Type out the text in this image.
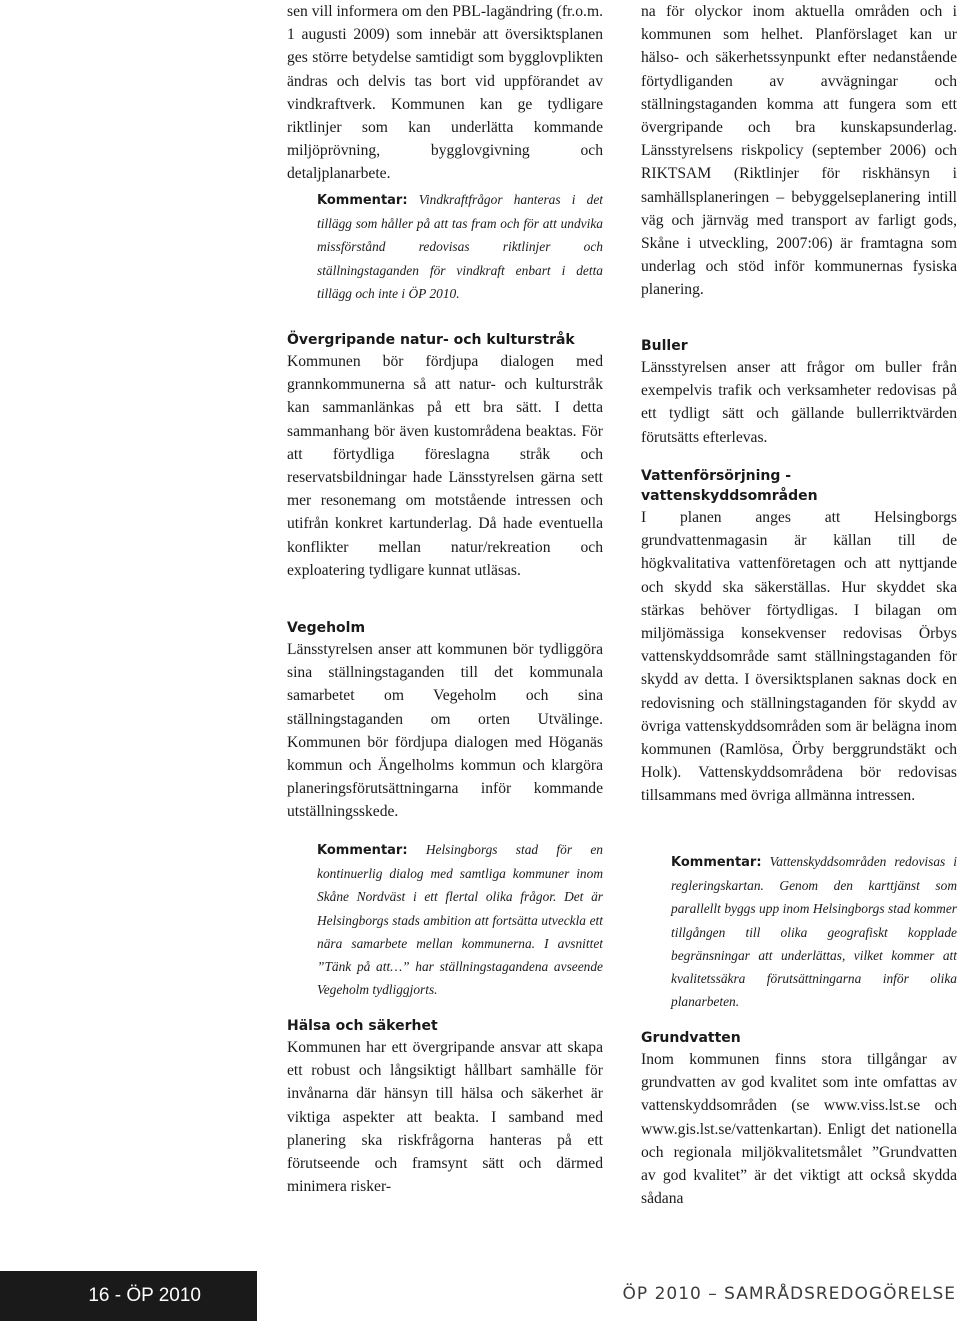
sen vill informera om den PBL-lagändring (fr.o.m. 1 augusti 2009) som innebär att översiktsplanen ges större betydelse samtidigt som bygglovplikten ändras och delvis tas bort vid uppförandet av vindkraftverk. Kommunen kan ge tydligare riktlinjer som kan underlätta kommande miljöprövning, bygglovgivning och detaljplanarbete.

Kommentar: Vindkraftfrågor hanteras i det tillägg som håller på att tas fram och för att undvika missförstånd redovisas riktlinjer och ställningstaganden för vindkraft enbart i detta tillägg och inte i ÖP 2010.

Övergripande natur- och kulturstråk

Kommunen bör fördjupa dialogen med grannkommunerna så att natur- och kulturstråk kan sammanlänkas på ett bra sätt. I detta sammanhang bör även kustområdena beaktas. För att förtydliga föreslagna stråk och reservatsbildningar hade Länsstyrelsen gärna sett mer resonemang om motstående intressen och utifrån konkret kartunderlag. Då hade eventuella konflikter mellan natur/rekreation och exploatering tydligare kunnat utläsas.

Vegeholm

Länsstyrelsen anser att kommunen bör tydliggöra sina ställningstaganden till det kommunala samarbetet om Vegeholm och sina ställningstaganden om orten Utvälinge. Kommunen bör fördjupa dialogen med Höganäs kommun och Ängelholms kommun och klargöra planeringsförutsättningarna inför kommande utställningsskede.

Kommentar: Helsingborgs stad för en kontinuerlig dialog med samtliga kommuner inom Skåne Nordväst i ett flertal olika frågor. Det är Helsingborgs stads ambition att fortsätta utveckla ett nära samarbete mellan kommunerna. I avsnittet ”Tänk på att…” har ställningstagandena avseende Vegeholm tydliggjorts.

Hälsa och säkerhet

Kommunen har ett övergripande ansvar att skapa ett robust och långsiktigt hållbart samhälle för invånarna där hänsyn till hälsa och säkerhet är viktiga aspekter att beakta. I samband med planering ska riskfrågorna hanteras på ett förutseende och framsynt sätt och därmed minimera risker-

na för olyckor inom aktuella områden och i kommunen som helhet. Planförslaget kan ur hälso- och säkerhetssynpunkt efter nedanstående förtydliganden av avvägningar och ställningstaganden komma att fungera som ett övergripande och bra kunskapsunderlag. Länsstyrelsens riskpolicy (september 2006) och RIKTSAM (Riktlinjer för riskhänsyn i samhällsplaneringen – bebyggelseplanering intill väg och järnväg med transport av farligt gods, Skåne i utveckling, 2007:06) är framtagna som underlag och stöd inför kommunernas fysiska planering.

Buller

Länsstyrelsen anser att frågor om buller från exempelvis trafik och verksamheter redovisas på ett tydligt sätt och gällande bullerriktvärden förutsätts efterlevas.

Vattenförsörjning - vattenskyddsområden

I planen anges att Helsingborgs grundvattenmagasin är källan till de högkvalitativa vattenföretagen och att nyttjande och skydd ska säkerställas. Hur skyddet ska stärkas behöver förtydligas. I bilagan om miljömässiga konsekvenser redovisas Örbys vattenskyddsområde samt ställningstaganden för skydd av detta. I översiktsplanen saknas dock en redovisning och ställningstaganden för skydd av övriga vattenskyddsområden som är belägna inom kommunen (Ramlösa, Örby berggrundstäkt och Holk). Vattenskyddsområdena bör redovisas tillsammans med övriga allmänna intressen.

Kommentar: Vattenskyddsområden redovisas i regleringskartan. Genom den karttjänst som parallellt byggs upp inom Helsingborgs stad kommer tillgången till olika geografiskt kopplade begränsningar att underlättas, vilket kommer att kvalitetssäkra förutsättningarna inför olika planarbeten.

Grundvatten

Inom kommunen finns stora tillgångar av grundvatten av god kvalitet som inte omfattas av vattenskyddsområden (se www.viss.lst.se och www.gis.lst.se/vattenkartan). Enligt det nationella och regionala miljökvalitetsmålet ”Grundvatten av god kvalitet” är det viktigt att också skydda sådana

16 - ÖP 2010	ÖP 2010 – SAMRÅDSREDOGÖRELSE
